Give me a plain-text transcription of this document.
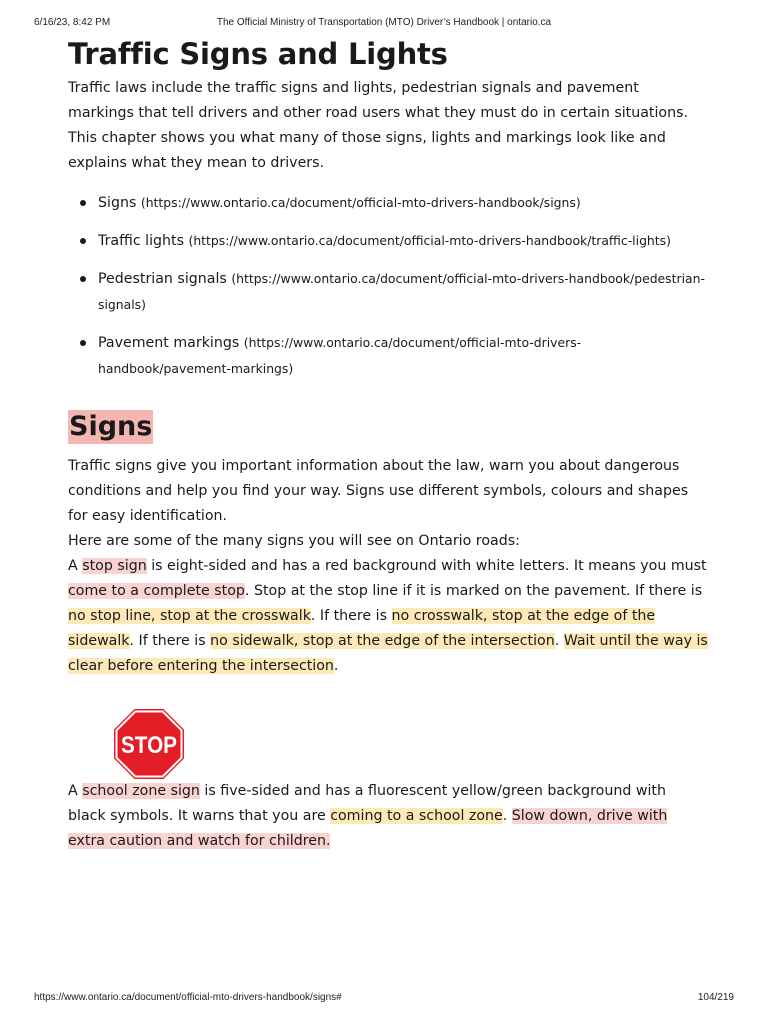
6/16/23, 8:42 PM	The Official Ministry of Transportation (MTO) Driver’s Handbook | ontario.ca
Traffic Signs and Lights

Traffic laws include the traffic signs and lights, pedestrian signals and pavement markings that tell drivers and other road users what they must do in certain situations. This chapter shows you what many of those signs, lights and markings look like and explains what they mean to drivers.

Signs (https://www.ontario.ca/document/official-mto-drivers-handbook/signs)
Traffic lights (https://www.ontario.ca/document/official-mto-drivers-handbook/traffic-lights)
Pedestrian signals (https://www.ontario.ca/document/official-mto-drivers-handbook/pedestrian-signals)
Pavement markings (https://www.ontario.ca/document/official-mto-drivers-handbook/pavement-markings)
Signs

Traffic signs give you important information about the law, warn you about dangerous conditions and help you find your way. Signs use different symbols, colours and shapes for easy identification.

Here are some of the many signs you will see on Ontario roads:

A stop sign is eight-sided and has a red background with white letters. It means you must come to a complete stop. Stop at the stop line if it is marked on the pavement. If there is no stop line, stop at the crosswalk. If there is no crosswalk, stop at the edge of the sidewalk. If there is no sidewalk, stop at the edge of the intersection. Wait until the way is clear before entering the intersection.

STOP

A school zone sign is five-sided and has a fluorescent yellow/green background with black symbols. It warns that you are coming to a school zone. Slow down, drive with extra caution and watch for children.

https://www.ontario.ca/document/official-mto-drivers-handbook/signs#	104/219
